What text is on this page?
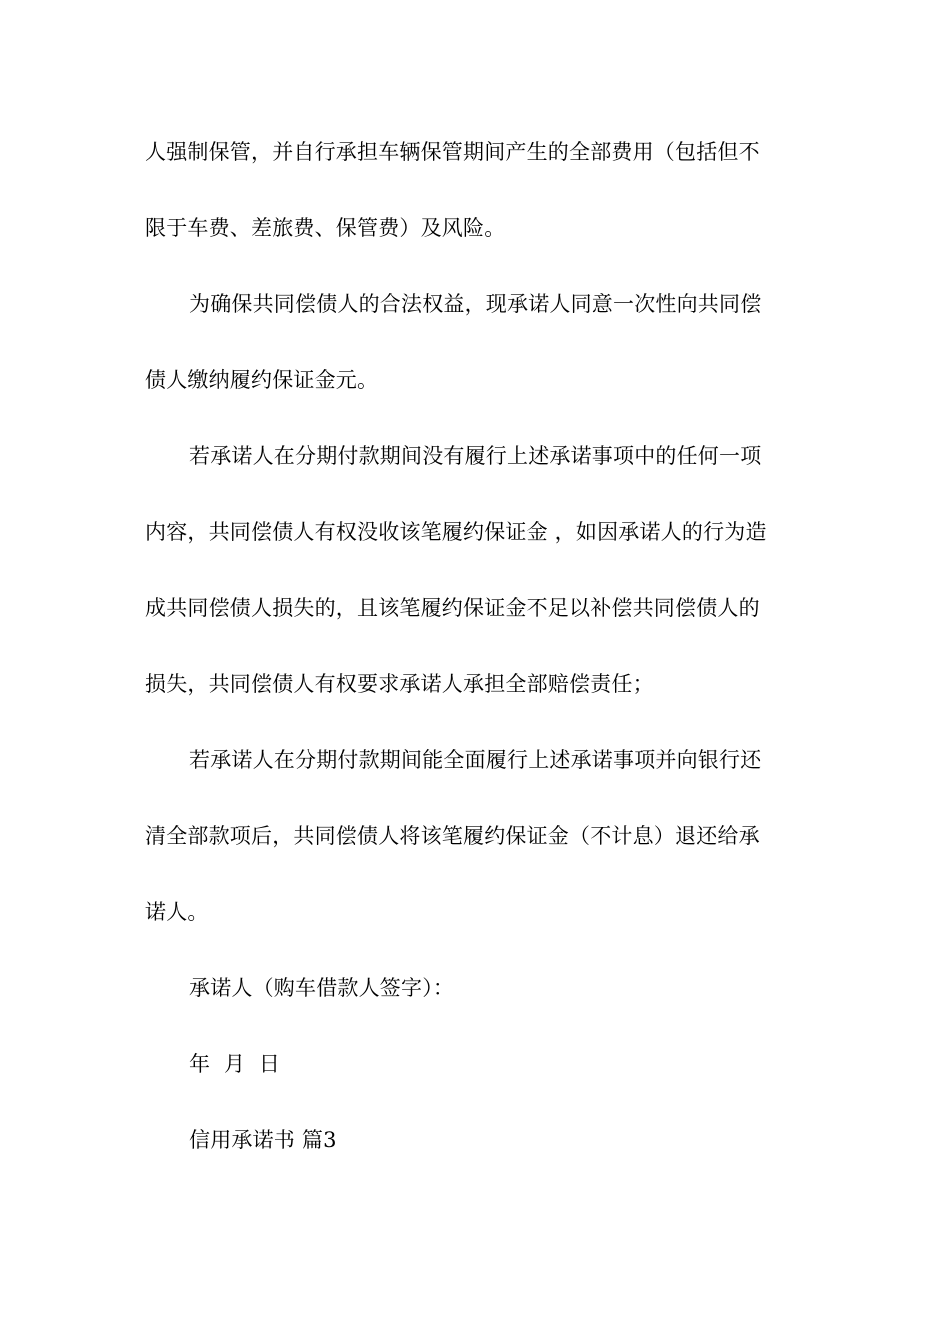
人强制保管，并自行承担车辆保管期间产生的全部费用（包括但不
限于车费、差旅费、保管费）及风险。
为确保共同偿债人的合法权益，现承诺人同意一次性向共同偿
债人缴纳履约保证金元。
若承诺人在分期付款期间没有履行上述承诺事项中的任何一项
内容，共同偿债人有权没收该笔履约保证金 ，如因承诺人的行为造
成共同偿债人损失的，且该笔履约保证金不足以补偿共同偿债人的
损失，共同偿债人有权要求承诺人承担全部赔偿责任；
若承诺人在分期付款期间能全面履行上述承诺事项并向银行还
清全部款项后，共同偿债人将该笔履约保证金（不计息）退还给承
诺人。
承诺人（购车借款人签字）：
年  月  日
信用承诺书 篇3
